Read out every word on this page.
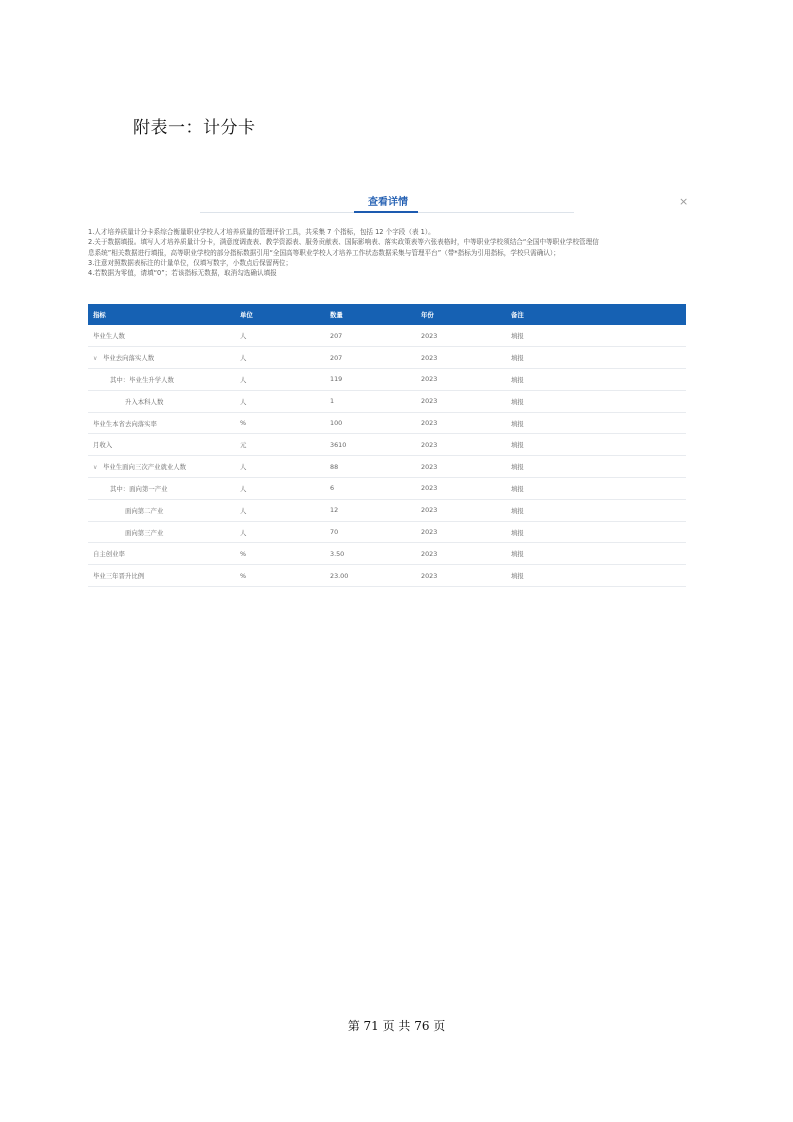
附表一：计分卡
查看详情	×
1.人才培养质量计分卡系综合衡量职业学校人才培养质量的管理评价工具，共采集 7 个指标，包括 12 个字段（表 1）。
2.关于数据填报。填写人才培养质量计分卡，满意度调查表、教学资源表、服务贡献表、国际影响表、落实政策表等六张表格时，中等职业学校须结合“全国中等职业学校管理信
息系统”相关数据进行填报，高等职业学校的部分指标数据引用“全国高等职业学校人才培养工作状态数据采集与管理平台”（带*指标为引用指标，学校只需确认）；
3.注意对照数据表标注的计量单位，仅填写数字，小数点后保留两位；
4.若数据为零值，请填“0”；若该指标无数据，取消勾选确认填报
指标	单位	数量	年份	备注
毕业生人数	人	207	2023	填报
∨ 毕业去向落实人数	人	207	2023	填报
其中：毕业生升学人数	人	119	2023	填报
升入本科人数	人	1	2023	填报
毕业生本省去向落实率	%	100	2023	填报
月收入	元	3610	2023	填报
∨ 毕业生面向三次产业就业人数	人	88	2023	填报
其中：面向第一产业	人	6	2023	填报
面向第二产业	人	12	2023	填报
面向第三产业	人	70	2023	填报
自主创业率	%	3.50	2023	填报
毕业三年晋升比例	%	23.00	2023	填报
第 71 页 共 76 页
